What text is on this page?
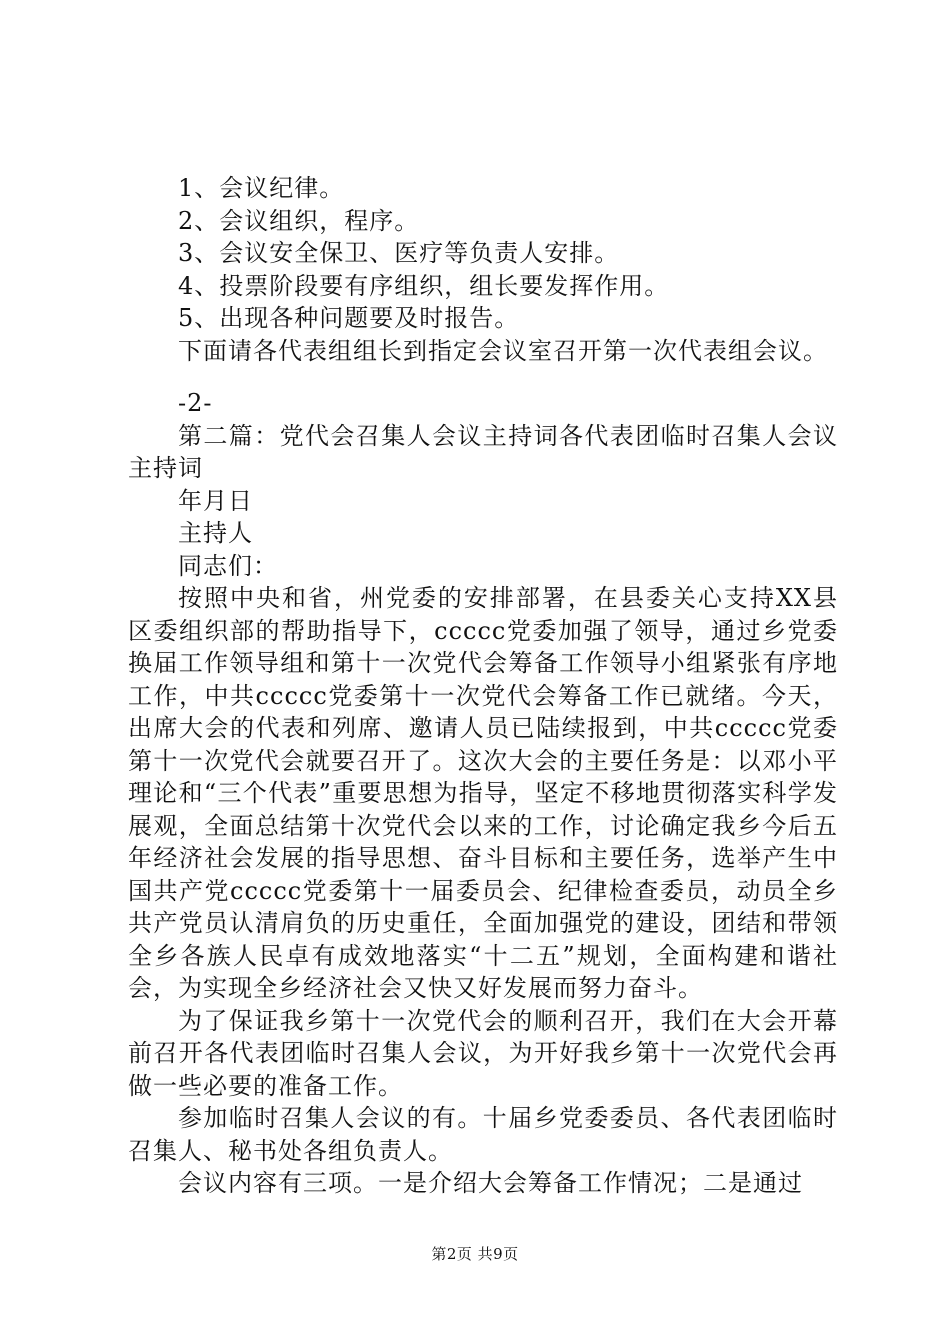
1、会议纪律。
2、会议组织，程序。
3、会议安全保卫、医疗等负责人安排。
4、投票阶段要有序组织，组长要发挥作用。
5、出现各种问题要及时报告。
下面请各代表组组长到指定会议室召开第一次代表组会议。
-2-
第二篇：党代会召集人会议主持词各代表团临时召集人会议主持词
年月日
主持人
同志们：
按照中央和省，州党委的安排部署，在县委关心支持XX县区委组织部的帮助指导下，ccccc党委加强了领导，通过乡党委换届工作领导组和第十一次党代会筹备工作领导小组紧张有序地工作，中共ccccc党委第十一次党代会筹备工作已就绪。今天，出席大会的代表和列席、邀请人员已陆续报到，中共ccccc党委第十一次党代会就要召开了。这次大会的主要任务是：以邓小平理论和“三个代表”重要思想为指导，坚定不移地贯彻落实科学发展观，全面总结第十次党代会以来的工作，讨论确定我乡今后五年经济社会发展的指导思想、奋斗目标和主要任务，选举产生中国共产党ccccc党委第十一届委员会、纪律检查委员，动员全乡共产党员认清肩负的历史重任，全面加强党的建设，团结和带领全乡各族人民卓有成效地落实“十二五”规划，全面构建和谐社会，为实现全乡经济社会又快又好发展而努力奋斗。
为了保证我乡第十一次党代会的顺利召开，我们在大会开幕前召开各代表团临时召集人会议，为开好我乡第十一次党代会再做一些必要的准备工作。
参加临时召集人会议的有。十届乡党委委员、各代表团临时召集人、秘书处各组负责人。
会议内容有三项。一是介绍大会筹备工作情况；二是通过
第2页 共9页
